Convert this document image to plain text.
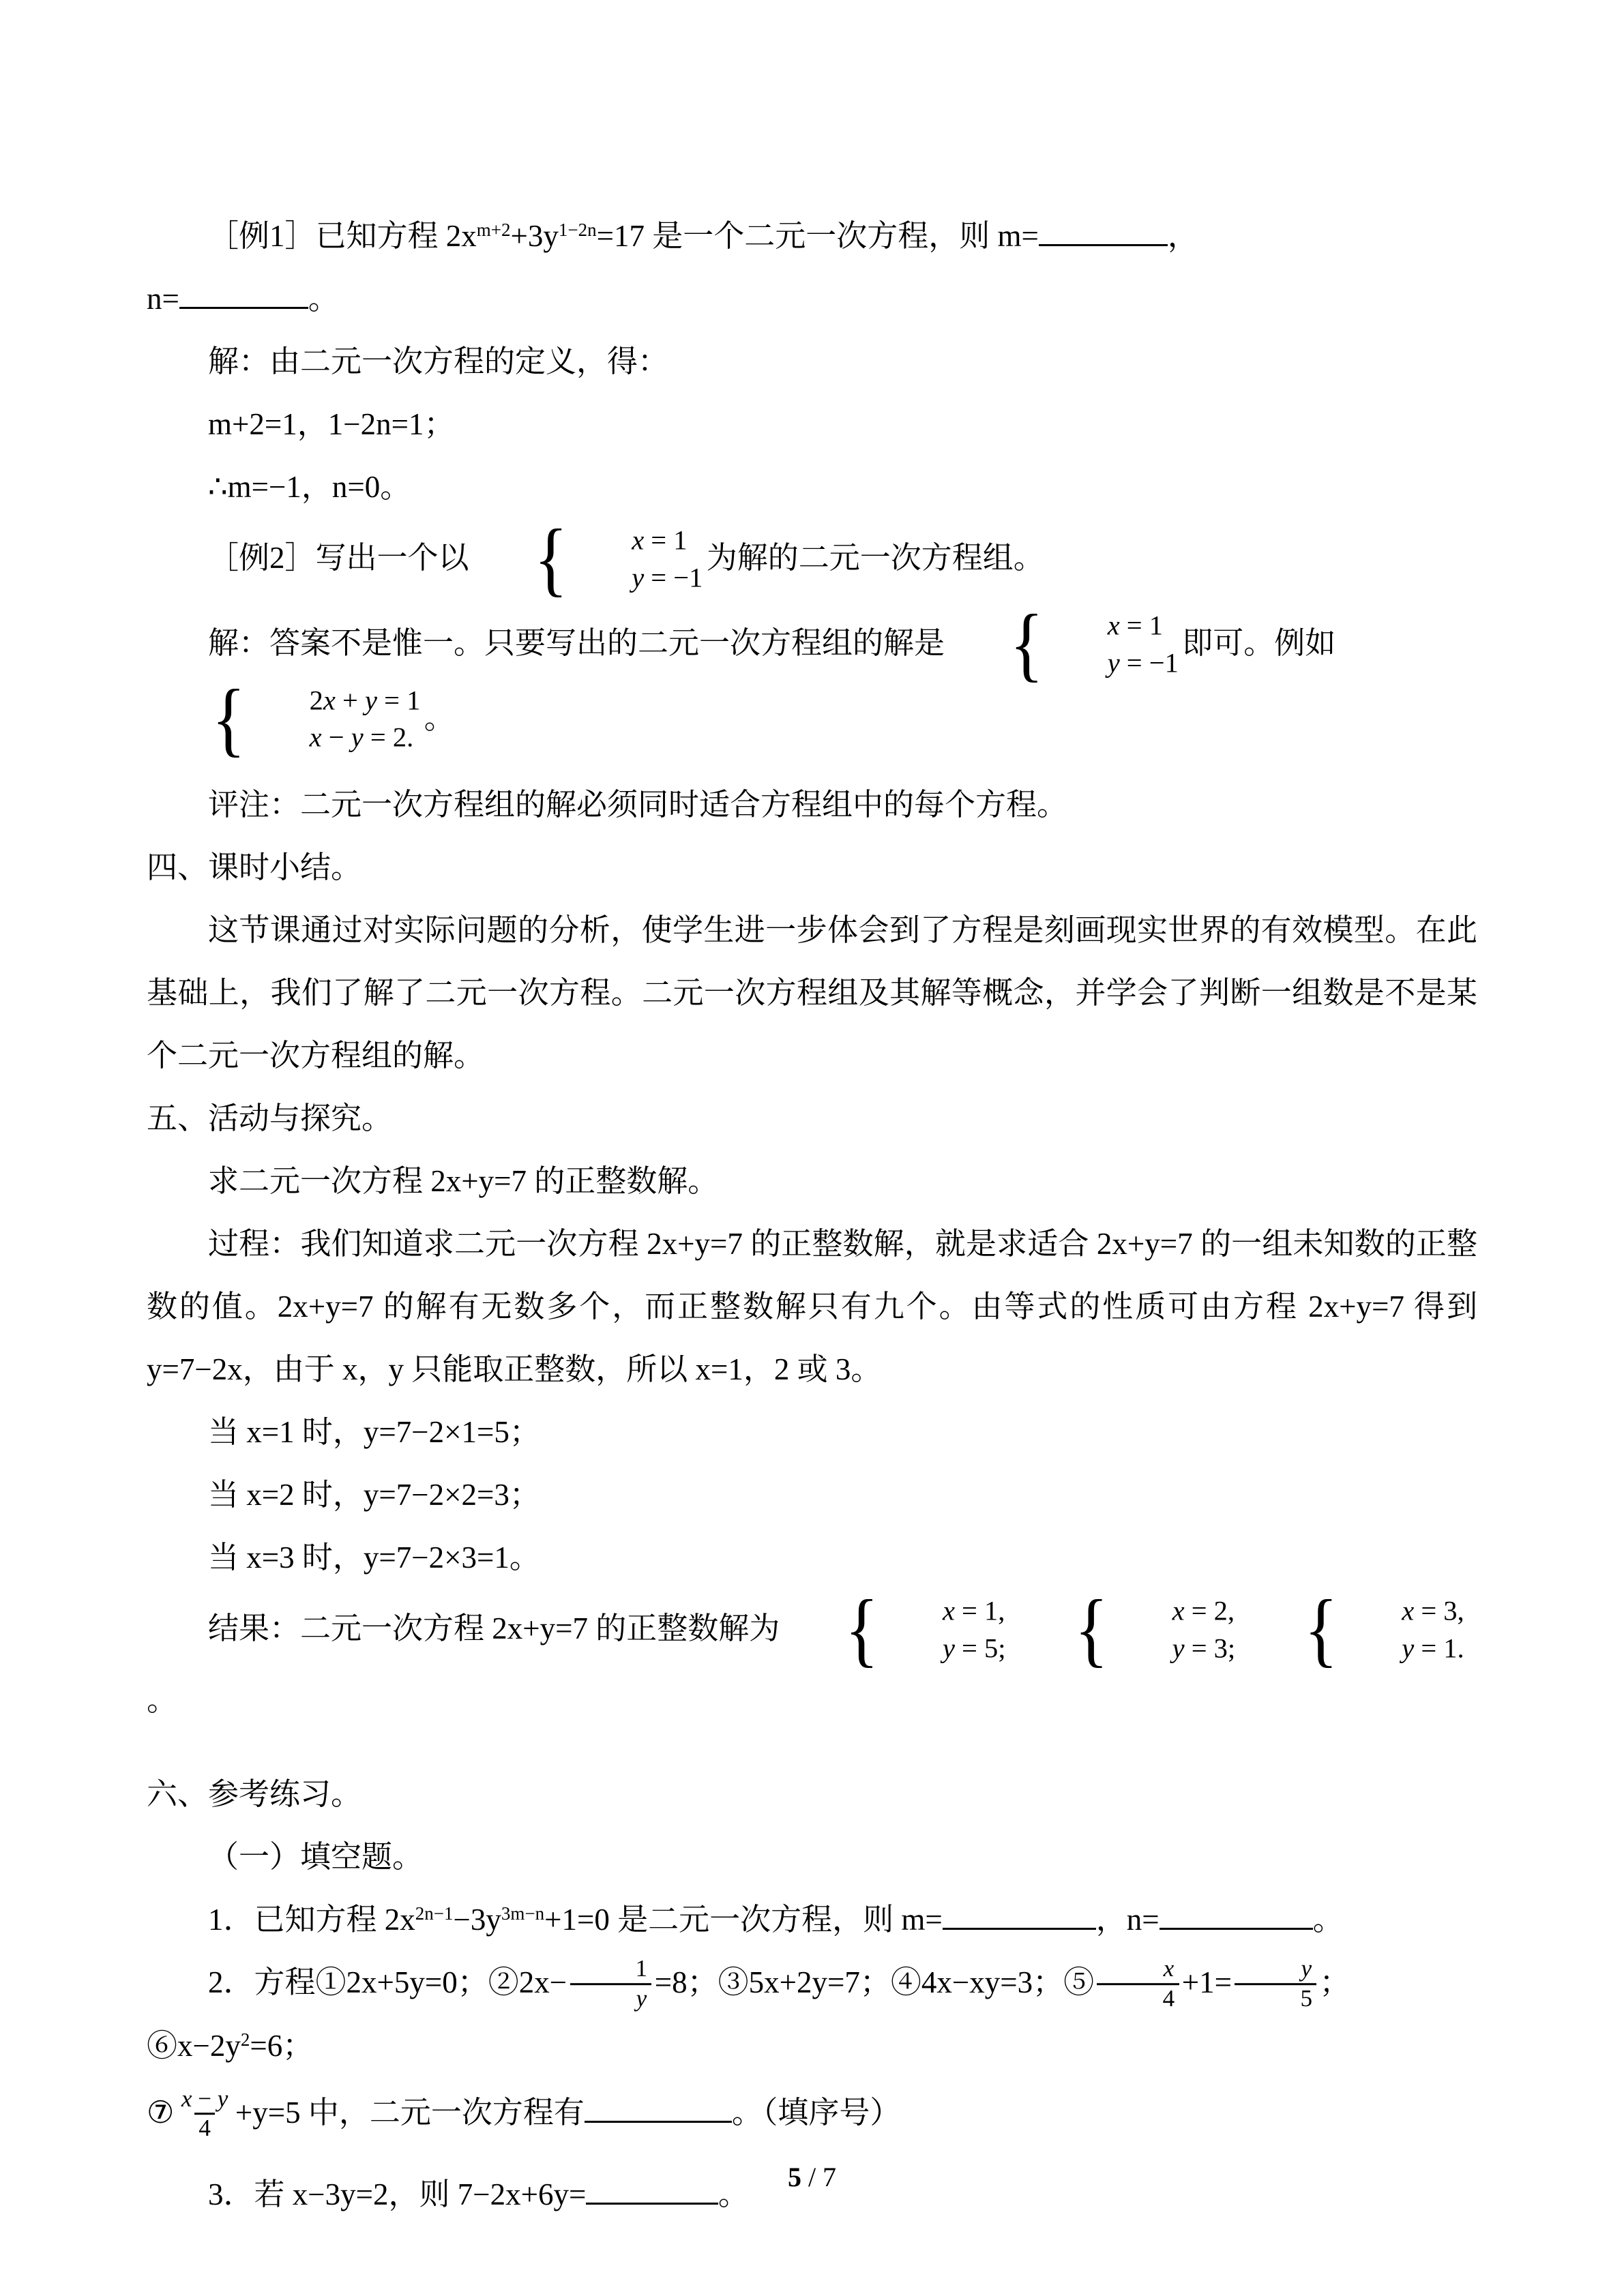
［例1］已知方程 $2x^{m+2}+3y^{1-2n}=17$ 是一个二元一次方程，则 m=	，

n=	。

解：由二元一次方程的定义，得：

m+2=1，1−2n=1；

∴m=−1，n=0。

［例2］写出一个以 {	x = 1
y = −1
为解的二元一次方程组。

解：答案不是惟一。只要写出的二元一次方程组的解是 {	x = 1
y = −1
即可。例如
{	2x + y = 1
x − y = 2.
。

评注：二元一次方程组的解必须同时适合方程组中的每个方程。

四、课时小结。

这节课通过对实际问题的分析，使学生进一步体会到了方程是刻画现实世界的有效模型。在此基础上，我们了解了二元一次方程。二元一次方程组及其解等概念，并学会了判断一组数是不是某个二元一次方程组的解。

五、活动与探究。

求二元一次方程 2x+y=7 的正整数解。

过程：我们知道求二元一次方程 2x+y=7 的正整数解，就是求适合 2x+y=7 的一组未知数的正整数的值。2x+y=7 的解有无数多个，而正整数解只有九个。由等式的性质可由方程 2x+y=7 得到 y=7−2x，由于 x，y 只能取正整数，所以 x=1，2 或 3。

当 x=1 时，y=7−2×1=5；

当 x=2 时，y=7−2×2=3；

当 x=3 时，y=7−2×3=1。

结果：二元一次方程 2x+y=7 的正整数解为 {	x = 1,
y = 5; {	x = 2,
y = 3; {	x = 3,
y = 1.
。

六、参考练习。

（一）填空题。

1．已知方程 $2x^{2n-1}-3y^{3m-n}+1=0$ 是二元一次方程，则 m=	，n=	。

2．方程①2x+5y=0；②2x− $\frac{1}{y} =8$；③5x+2y=7；④4x−xy=3；⑤ $\frac{x}{4} +1= \frac{y}{5}$ ；$⑥x-2y^2=6$；

⑦ $\frac{x - y}{4} +y=5$ 中，二元一次方程有	。（填序号）

3．若 x−3y=2，则 7−2x+6y=	。

5 / 7
